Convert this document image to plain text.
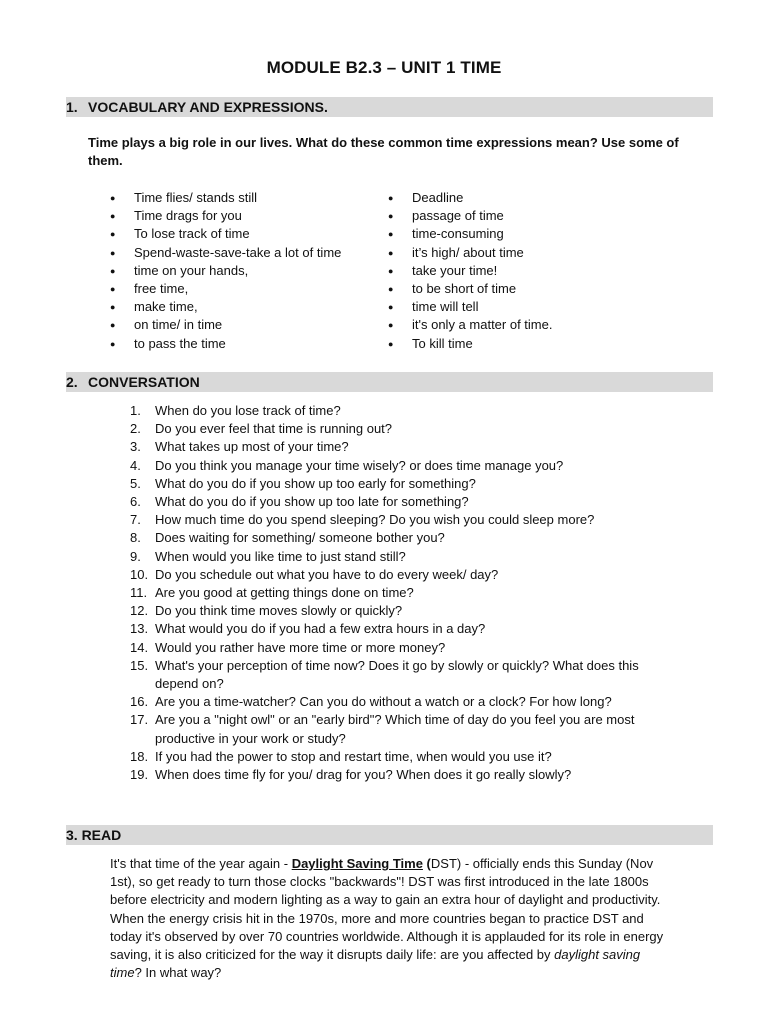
MODULE B2.3 – UNIT 1 TIME
1. VOCABULARY AND EXPRESSIONS.
Time plays a big role in our lives. What do these common time expressions mean? Use some of them.
● Time flies/ stands still
● Time drags for you
● To lose track of time
● Spend-waste-save-take a lot of time
● time on your hands,
● free time,
● make time,
● on time/ in time
● to pass the time
● Deadline
● passage of time
● time-consuming
● it’s high/ about time
● take your time!
● to be short of time
● time will tell
● it's only a matter of time.
● To kill time
2. CONVERSATION
1. When do you lose track of time?
2. Do you ever feel that time is running out?
3. What takes up most of your time?
4. Do you think you manage your time wisely? or does time manage you?
5. What do you do if you show up too early for something?
6. What do you do if you show up too late for something?
7. How much time do you spend sleeping? Do you wish you could sleep more?
8. Does waiting for something/ someone bother you?
9. When would you like time to just stand still?
10. Do you schedule out what you have to do every week/ day?
11. Are you good at getting things done on time?
12. Do you think time moves slowly or quickly?
13. What would you do if you had a few extra hours in a day?
14. Would you rather have more time or more money?
15. What's your perception of time now? Does it go by slowly or quickly? What does this depend on?
16. Are you a time-watcher? Can you do without a watch or a clock? For how long?
17. Are you a "night owl" or an "early bird"? Which time of day do you feel you are most productive in your work or study?
18. If you had the power to stop and restart time, when would you use it?
19. When does time fly for you/ drag for you? When does it go really slowly?
3. READ
It's that time of the year again - Daylight Saving Time (DST) - officially ends this Sunday (Nov 1st), so get ready to turn those clocks "backwards"! DST was first introduced in the late 1800s before electricity and modern lighting as a way to gain an extra hour of daylight and productivity. When the energy crisis hit in the 1970s, more and more countries began to practice DST and today it's observed by over 70 countries worldwide. Although it is applauded for its role in energy saving, it is also criticized for the way it disrupts daily life: are you affected by daylight saving time? In what way?
